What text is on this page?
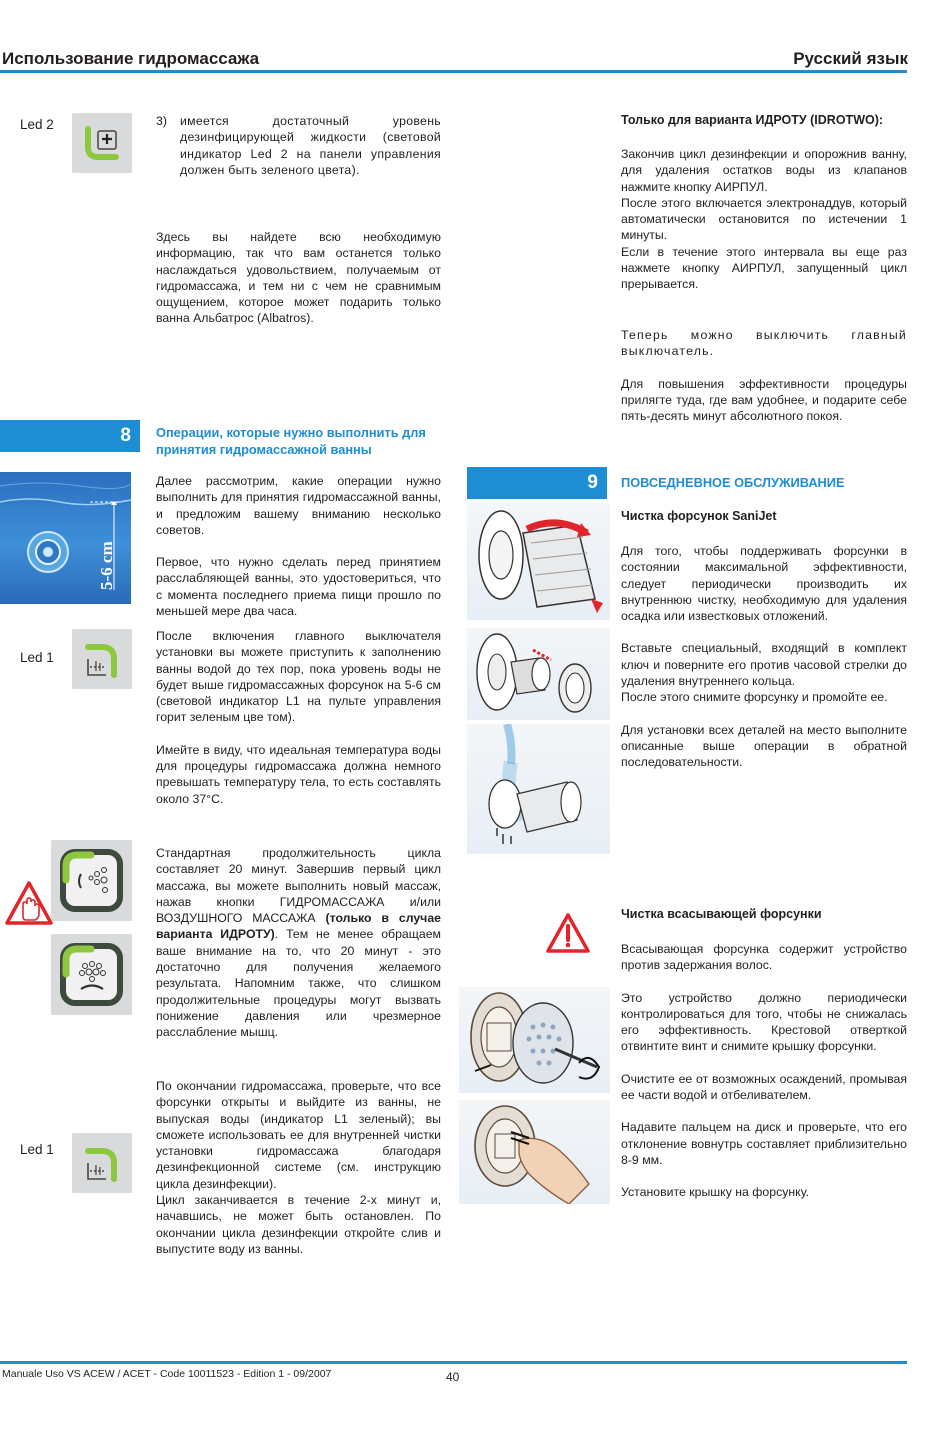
Использование гидромассажа	Русский язык
Led 2	3) имеется достаточный уровень дезинфицирующей жидкости (световой индикатор Led 2 на панели управления должен быть зеленого цвета).
Здесь вы найдете всю необходимую информацию, так что вам останется только наслаждаться удовольствием, получаемым от гидромассажа, и тем ни с чем не сравнимым ощущением, которое может подарить только ванна Альбатрос (Albatros).
8	Операции, которые нужно выполнить для принятия гидромассажной ванны
5-6 cm

Далее рассмотрим, какие операции нужно выполнить для принятия гидромассажной ванны, и предложим вашему вниманию несколько советов.

Первое, что нужно сделать перед принятием расслабляющей ванны, это удостовериться, что с момента последнего приема пищи прошло по меньшей мере два часа.

Led 1

После включения главного выключателя установки вы можете приступить к заполнению ванны водой до тех пор, пока уровень воды не будет выше гидромассажных форсунок на 5-6 см (световой индикатор L1 на пульте управления горит зеленым цве том).

Имейте в виду, что идеальная температура воды для процедуры гидромассажа должна немного превышать температуру тела, то есть составлять около 37°С.

Стандартная продолжительность цикла составляет 20 минут. Завершив первый цикл массажа, вы можете выполнить новый массаж, нажав кнопки ГИДРОМАССАЖА и/или ВОЗДУШНОГО МАССАЖА (только в случае варианта ИДРОТУ). Тем не менее обращаем ваше внимание на то, что 20 минут - это достаточно для получения желаемого результата. Напомним также, что слишком продолжительные процедуры могут вызвать понижение давления или чрезмерное расслабление мышц.
Led 1

По окончании гидромассажа, проверьте, что все форсунки открыты и выйдите из ванны, не выпуская воды (индикатор L1 зеленый); вы сможете использовать ее для внутренней чистки установки гидромассажа благодаря дезинфекционной системе (см. инструкцию цикла дезинфекции).

Цикл заканчивается в течение 2-х минут и, начавшись, не может быть остановлен. По окончании цикла дезинфекции откройте слив и выпустите воду из ванны.

Только для варианта ИДРОТУ (IDROTWO):

Закончив цикл дезинфекции и опорожнив ванну, для удаления остатков воды из клапанов нажмите кнопку АИРПУЛ.

После этого включается электронаддув, который автоматически остановится по истечении 1 минуты.

Если в течение этого интервала вы еще раз нажмете кнопку АИРПУЛ, запущенный цикл прерывается.

Теперь можно выключить главный выключатель.

Для повышения эффективности процедуры прилягте туда, где вам удобнее, и подарите себе пять-десять минут абсолютного покоя.

9	ПОВСЕДНЕВНОЕ ОБСЛУЖИВАНИЕ
Чистка форсунок SaniJet

Для того, чтобы поддерживать форсунки в состоянии максимальной эффективности, следует периодически производить их внутреннюю чистку, необходимую для удаления осадка или известковых отложений.

Вставьте специальный, входящий в комплект ключ и поверните его против часовой стрелки до удаления внутреннего кольца.

После этого снимите форсунку и промойте ее.

Для установки всех деталей на место выполните описанные выше операции в обратной последовательности.

Чистка всасывающей форсунки

Всасывающая форсунка содержит устройство против задержания волос.

Это устройство должно периодически контролироваться для того, чтобы не снижалась его эффективность. Крестовой отверткой отвинтите винт и снимите крышку форсунки.

Очистите ее от возможных осаждений, промывая ее части водой и отбеливателем.

Надавите пальцем на диск и проверьте, что его отклонение вовнутрь составляет приблизительно 8-9 мм.

Установите крышку на форсунку.

Manuale Uso VS ACEW / ACET - Code 10011523 - Edition 1 - 09/2007	40
